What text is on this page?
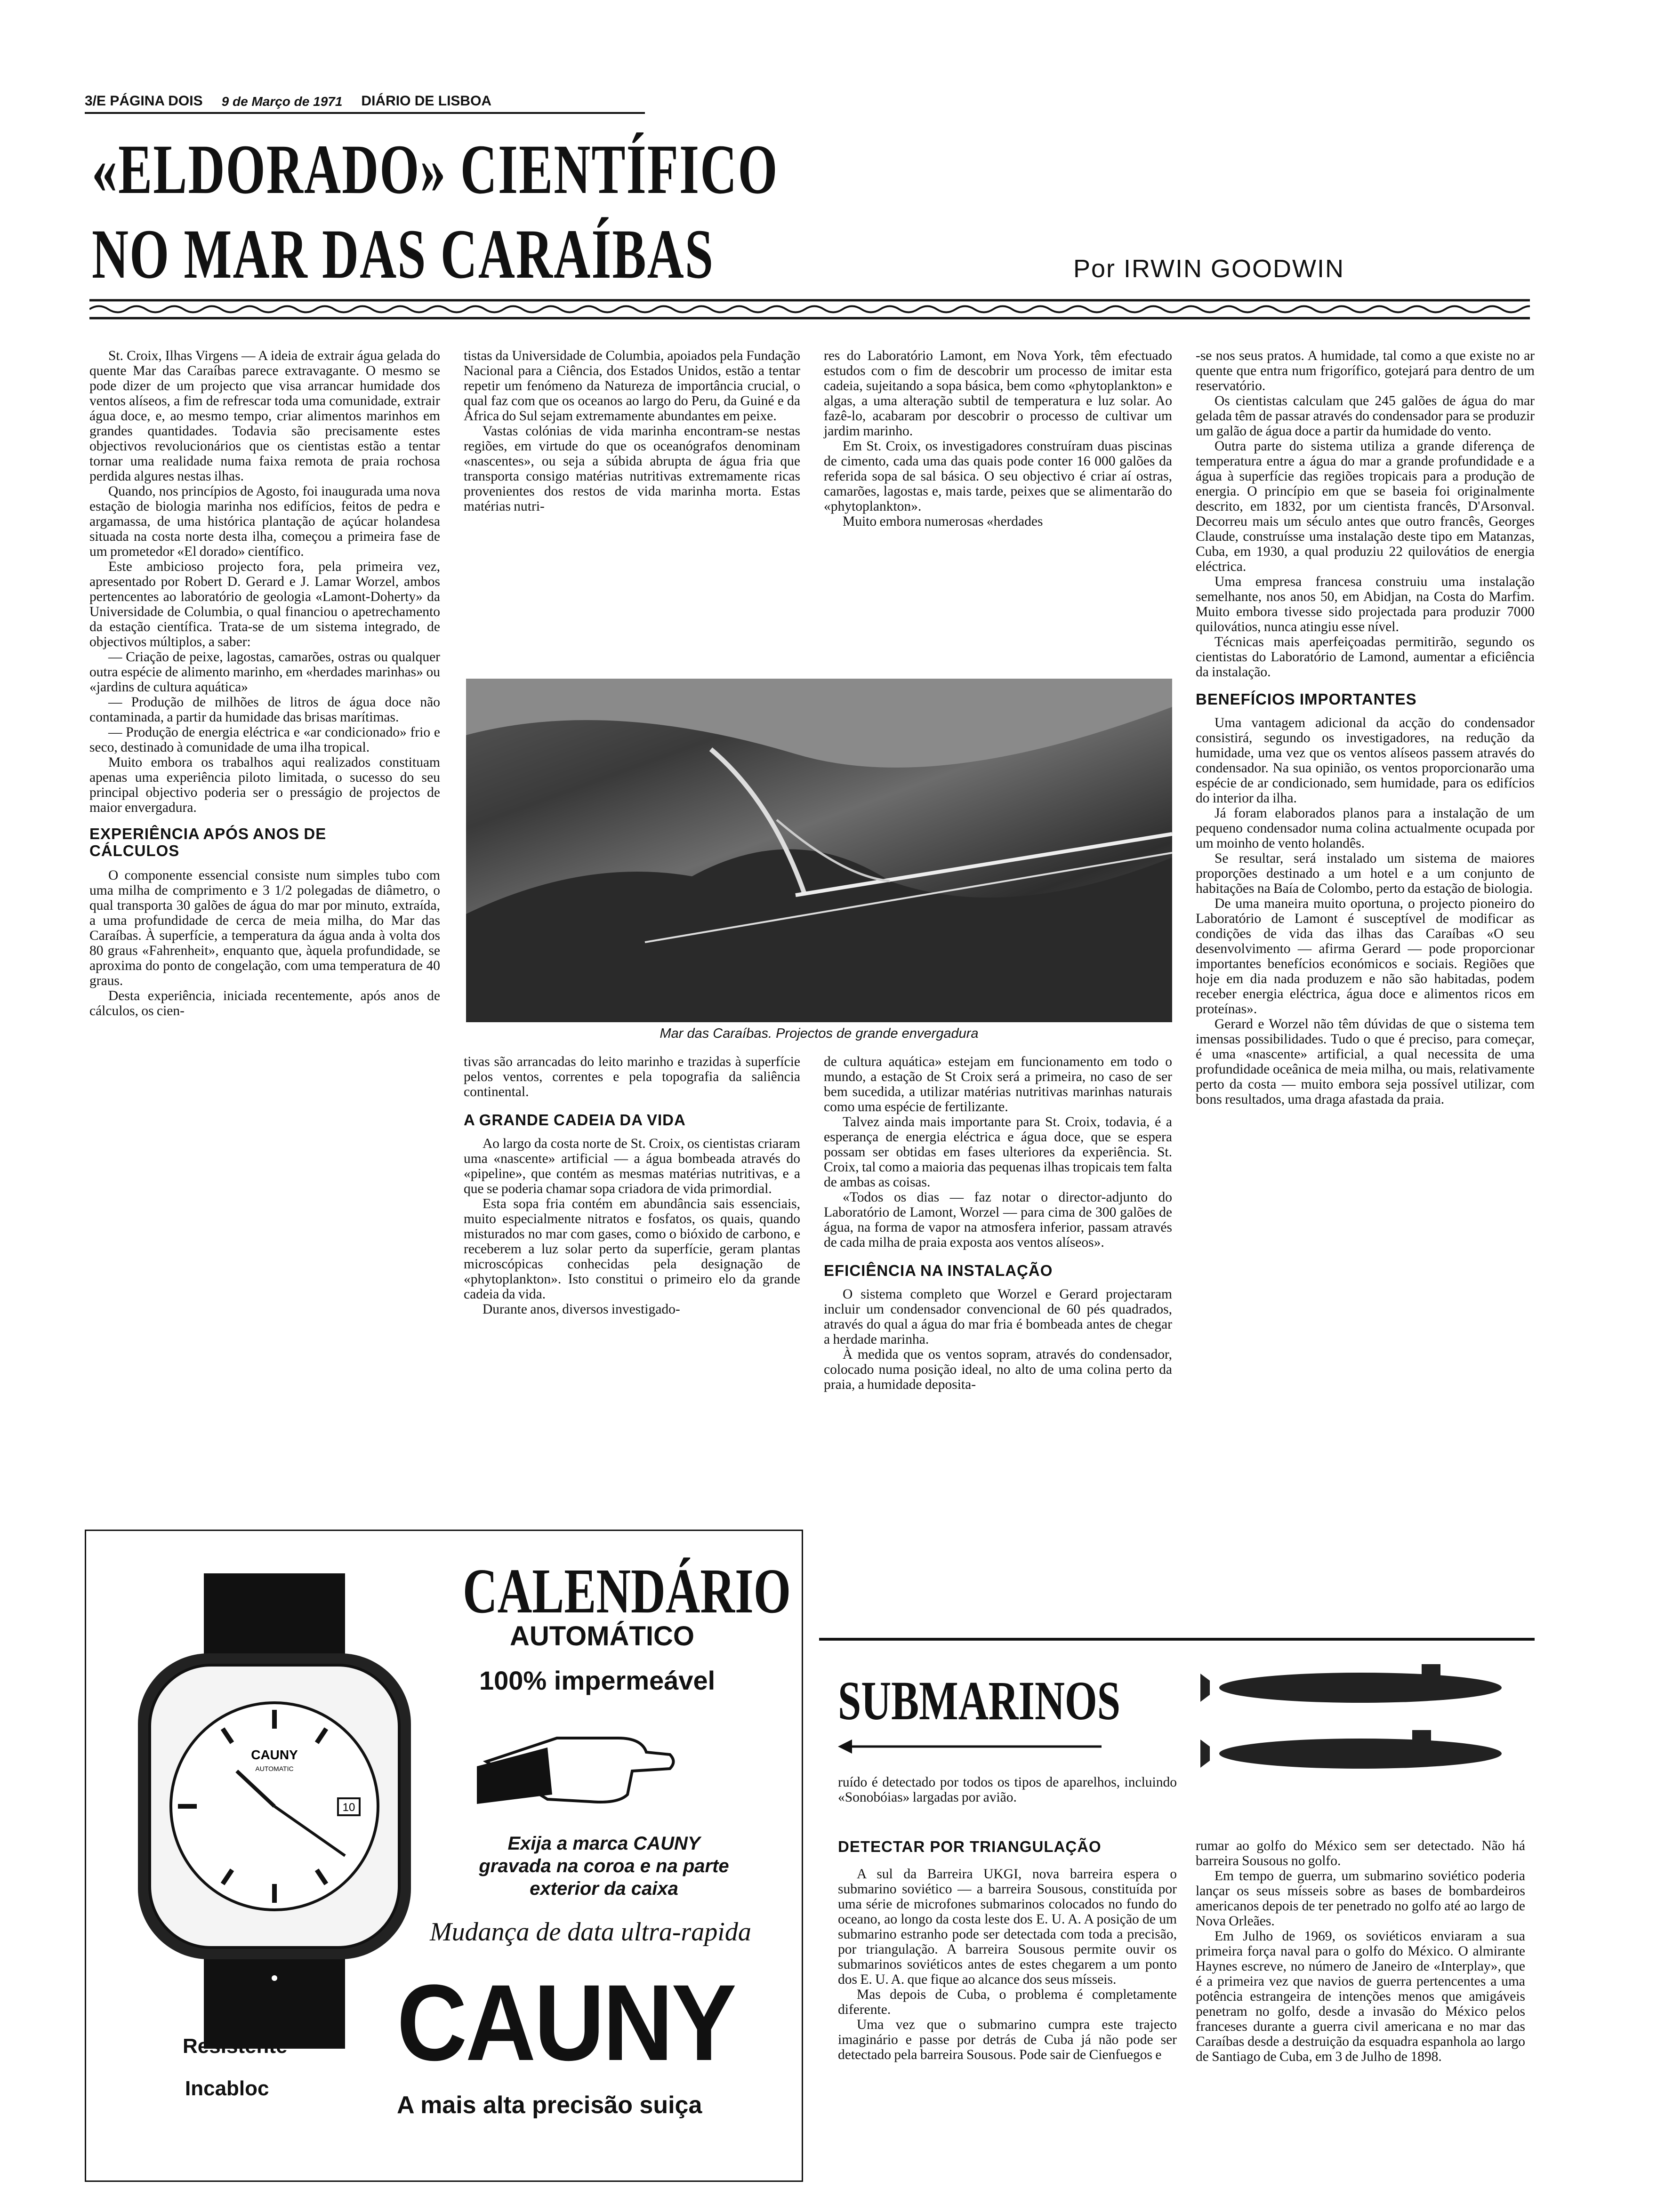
3/E PÁGINA DOIS 9 de Março de 1971 DIÁRIO DE LISBOA
«ELDORADO» CIENTÍFICO
NO MAR DAS CARAÍBAS	Por IRWIN GOODWIN

St. Croix, Ilhas Virgens — A ideia de extrair água gelada do quente Mar das Caraíbas parece extravagante. O mesmo se pode dizer de um projecto que visa arrancar humidade dos ventos alíseos, a fim de refrescar toda uma comunidade, extrair água doce, e, ao mesmo tempo, criar alimentos marinhos em grandes quantidades. Todavia são precisamente estes objectivos revolucionários que os cientistas estão a tentar tornar uma realidade numa faixa remota de praia rochosa perdida algures nestas ilhas.

Quando, nos princípios de Agosto, foi inaugurada uma nova estação de biologia marinha nos edifícios, feitos de pedra e argamassa, de uma histórica plantação de açúcar holandesa situada na costa norte desta ilha, começou a primeira fase de um prometedor «El dorado» científico.

Este ambicioso projecto fora, pela primeira vez, apresentado por Robert D. Gerard e J. Lamar Worzel, ambos pertencentes ao laboratório de geologia «Lamont-Doherty» da Universidade de Columbia, o qual financiou o apetrechamento da estação científica. Trata-se de um sistema integrado, de objectivos múltiplos, a saber:

— Criação de peixe, lagostas, camarões, ostras ou qualquer outra espécie de alimento marinho, em «herdades marinhas» ou «jardins de cultura aquática»

— Produção de milhões de litros de água doce não contaminada, a partir da humidade das brisas marítimas.

— Produção de energia eléctrica e «ar condicionado» frio e seco, destinado à comunidade de uma ilha tropical.

Muito embora os trabalhos aqui realizados constituam apenas uma experiência piloto limitada, o sucesso do seu principal objectivo poderia ser o presságio de projectos de maior envergadura.

EXPERIÊNCIA APÓS ANOS DE CÁLCULOS

O componente essencial consiste num simples tubo com uma milha de comprimento e 3 1/2 polegadas de diâmetro, o qual transporta 30 galões de água do mar por minuto, extraída, a uma profundidade de cerca de meia milha, do Mar das Caraíbas. À superfície, a temperatura da água anda à volta dos 80 graus «Fahrenheit», enquanto que, àquela profundidade, se aproxima do ponto de congelação, com uma temperatura de 40 graus.

Desta experiência, iniciada recentemente, após anos de cálculos, os cien-

tistas da Universidade de Columbia, apoiados pela Fundação Nacional para a Ciência, dos Estados Unidos, estão a tentar repetir um fenómeno da Natureza de importância crucial, o qual faz com que os oceanos ao largo do Peru, da Guiné e da África do Sul sejam extremamente abundantes em peixe.

Vastas colónias de vida marinha encontram-se nestas regiões, em virtude do que os oceanógrafos denominam «nascentes», ou seja a súbida abrupta de água fria que transporta consigo matérias nutritivas extremamente ricas provenientes dos restos de vida marinha morta. Estas matérias nutri-

res do Laboratório Lamont, em Nova York, têm efectuado estudos com o fim de descobrir um processo de imitar esta cadeia, sujeitando a sopa básica, bem como «phytoplankton» e algas, a uma alteração subtil de temperatura e luz solar. Ao fazê-lo, acabaram por descobrir o processo de cultivar um jardim marinho.

Em St. Croix, os investigadores construíram duas piscinas de cimento, cada uma das quais pode conter 16 000 galões da referida sopa de sal básica. O seu objectivo é criar aí ostras, camarões, lagostas e, mais tarde, peixes que se alimentarão do «phytoplankton».

Muito embora numerosas «herdades

Mar das Caraíbas. Projectos de grande envergadura

tivas são arrancadas do leito marinho e trazidas à superfície pelos ventos, correntes e pela topografia da saliência continental.

A GRANDE CADEIA DA VIDA

Ao largo da costa norte de St. Croix, os cientistas criaram uma «nascente» artificial — a água bombeada através do «pipeline», que contém as mesmas matérias nutritivas, e a que se poderia chamar sopa criadora de vida primordial.

Esta sopa fria contém em abundância sais essenciais, muito especialmente nitratos e fosfatos, os quais, quando misturados no mar com gases, como o bióxido de carbono, e receberem a luz solar perto da superfície, geram plantas microscópicas conhecidas pela designação de «phytoplankton». Isto constitui o primeiro elo da grande cadeia da vida.

Durante anos, diversos investigado-

de cultura aquática» estejam em funcionamento em todo o mundo, a estação de St Croix será a primeira, no caso de ser bem sucedida, a utilizar matérias nutritivas marinhas naturais como uma espécie de fertilizante.

Talvez ainda mais importante para St. Croix, todavia, é a esperança de energia eléctrica e água doce, que se espera possam ser obtidas em fases ulteriores da experiência. St. Croix, tal como a maioria das pequenas ilhas tropicais tem falta de ambas as coisas.

«Todos os dias — faz notar o director-adjunto do Laboratório de Lamont, Worzel — para cima de 300 galões de água, na forma de vapor na atmosfera inferior, passam através de cada milha de praia exposta aos ventos alíseos».

EFICIÊNCIA NA INSTALAÇÃO

O sistema completo que Worzel e Gerard projectaram incluir um condensador convencional de 60 pés quadrados, através do qual a água do mar fria é bombeada antes de chegar a herdade marinha.

À medida que os ventos sopram, através do condensador, colocado numa posição ideal, no alto de uma colina perto da praia, a humidade deposita-

-se nos seus pratos. A humidade, tal como a que existe no ar quente que entra num frigorífico, gotejará para dentro de um reservatório.

Os cientistas calculam que 245 galões de água do mar gelada têm de passar através do condensador para se produzir um galão de água doce a partir da humidade do vento.

Outra parte do sistema utiliza a grande diferença de temperatura entre a água do mar a grande profundidade e a água à superfície das regiões tropicais para a produção de energia. O princípio em que se baseia foi originalmente descrito, em 1832, por um cientista francês, D'Arsonval. Decorreu mais um século antes que outro francês, Georges Claude, construísse uma instalação deste tipo em Matanzas, Cuba, em 1930, a qual produziu 22 quilovátios de energia eléctrica.

Uma empresa francesa construiu uma instalação semelhante, nos anos 50, em Abidjan, na Costa do Marfim. Muito embora tivesse sido projectada para produzir 7000 quilovátios, nunca atingiu esse nível.

Técnicas mais aperfeiçoadas permitirão, segundo os cientistas do Laboratório de Lamond, aumentar a eficiência da instalação.

BENEFÍCIOS IMPORTANTES

Uma vantagem adicional da acção do condensador consistirá, segundo os investigadores, na redução da humidade, uma vez que os ventos alíseos passem através do condensador. Na sua opinião, os ventos proporcionarão uma espécie de ar condicionado, sem humidade, para os edifícios do interior da ilha.

Já foram elaborados planos para a instalação de um pequeno condensador numa colina actualmente ocupada por um moinho de vento holandês.

Se resultar, será instalado um sistema de maiores proporções destinado a um hotel e a um conjunto de habitações na Baía de Colombo, perto da estação de biologia.

De uma maneira muito oportuna, o projecto pioneiro do Laboratório de Lamont é susceptível de modificar as condições de vida das ilhas das Caraíbas «O seu desenvolvimento — afirma Gerard — pode proporcionar importantes benefícios económicos e sociais. Regiões que hoje em dia nada produzem e não são habitadas, podem receber energia eléctrica, água doce e alimentos ricos em proteínas».

Gerard e Worzel não têm dúvidas de que o sistema tem imensas possibilidades. Tudo o que é preciso, para começar, é uma «nascente» artificial, a qual necessita de uma profundidade oceânica de meia milha, ou mais, relativamente perto da costa — muito embora seja possível utilizar, com bons resultados, uma draga afastada da praia.

CALENDÁRIO
AUTOMÁTICO
100% impermeável
10
CAUNY
AUTOMATIC
Exija a marca CAUNY gravada na coroa e na parte exterior da caixa
Mudança de data ultra-rapida
CAUNY
Resistente
Incabloc
A mais alta precisão suiça
SUBMARINOS
ruído é detectado por todos os tipos de aparelhos, incluindo «Sonobóias» largadas por avião.
DETECTAR POR TRIANGULAÇÃO

A sul da Barreira UKGI, nova barreira espera o submarino soviético — a barreira Sousous, constituída por uma série de microfones submarinos colocados no fundo do oceano, ao longo da costa leste dos E. U. A. A posição de um submarino estranho pode ser detectada com toda a precisão, por triangulação. A barreira Sousous permite ouvir os submarinos soviéticos antes de estes chegarem a um ponto dos E. U. A. que fique ao alcance dos seus mísseis.

Mas depois de Cuba, o problema é completamente diferente.

Uma vez que o submarino cumpra este trajecto imaginário e passe por detrás de Cuba já não pode ser detectado pela barreira Sousous. Pode sair de Cienfuegos e

rumar ao golfo do México sem ser detectado. Não há barreira Sousous no golfo.

Em tempo de guerra, um submarino soviético poderia lançar os seus mísseis sobre as bases de bombardeiros americanos depois de ter penetrado no golfo até ao largo de Nova Orleães.

Em Julho de 1969, os soviéticos enviaram a sua primeira força naval para o golfo do México. O almirante Haynes escreve, no número de Janeiro de «Interplay», que é a primeira vez que navios de guerra pertencentes a uma potência estrangeira de intenções menos que amigáveis penetram no golfo, desde a invasão do México pelos franceses durante a guerra civil americana e no mar das Caraíbas desde a destruição da esquadra espanhola ao largo de Santiago de Cuba, em 3 de Julho de 1898.
